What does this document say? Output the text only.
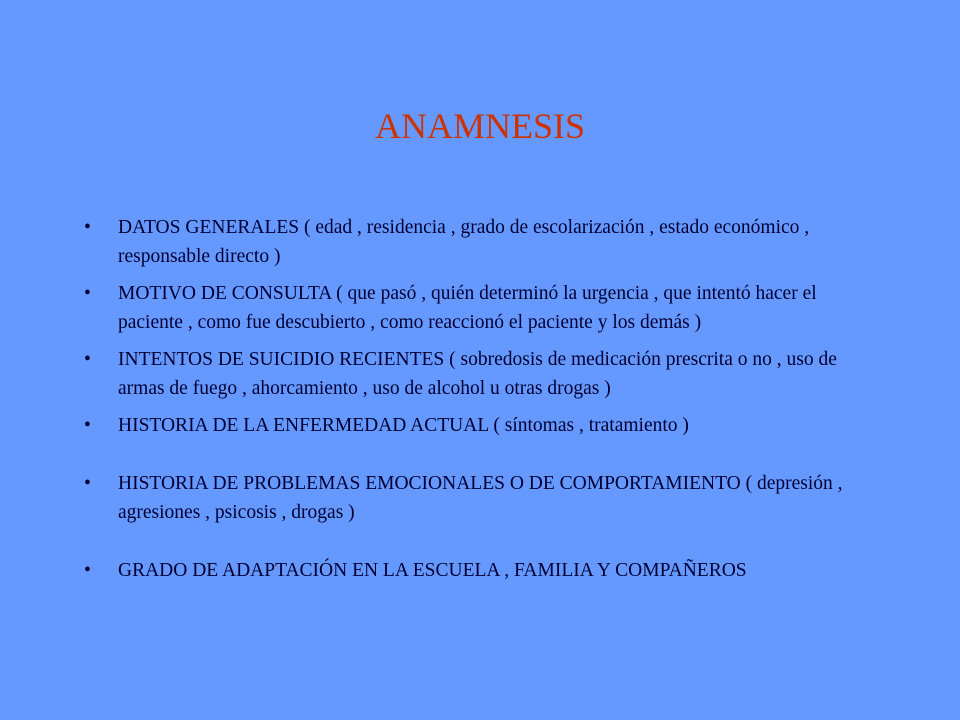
ANAMNESIS
• DATOS GENERALES ( edad , residencia , grado de escolarización , estado económico , responsable directo )
• MOTIVO DE CONSULTA ( que pasó , quién determinó la urgencia , que intentó hacer el paciente , como fue descubierto , como reaccionó el paciente y los demás )
• INTENTOS DE SUICIDIO RECIENTES ( sobredosis de medicación prescrita o no , uso de armas de fuego , ahorcamiento , uso de alcohol u otras drogas )
• HISTORIA DE LA ENFERMEDAD ACTUAL ( síntomas , tratamiento )
• HISTORIA DE PROBLEMAS EMOCIONALES O DE COMPORTAMIENTO ( depresión , agresiones , psicosis , drogas )
• GRADO DE ADAPTACIÓN EN LA ESCUELA , FAMILIA Y COMPAÑEROS
